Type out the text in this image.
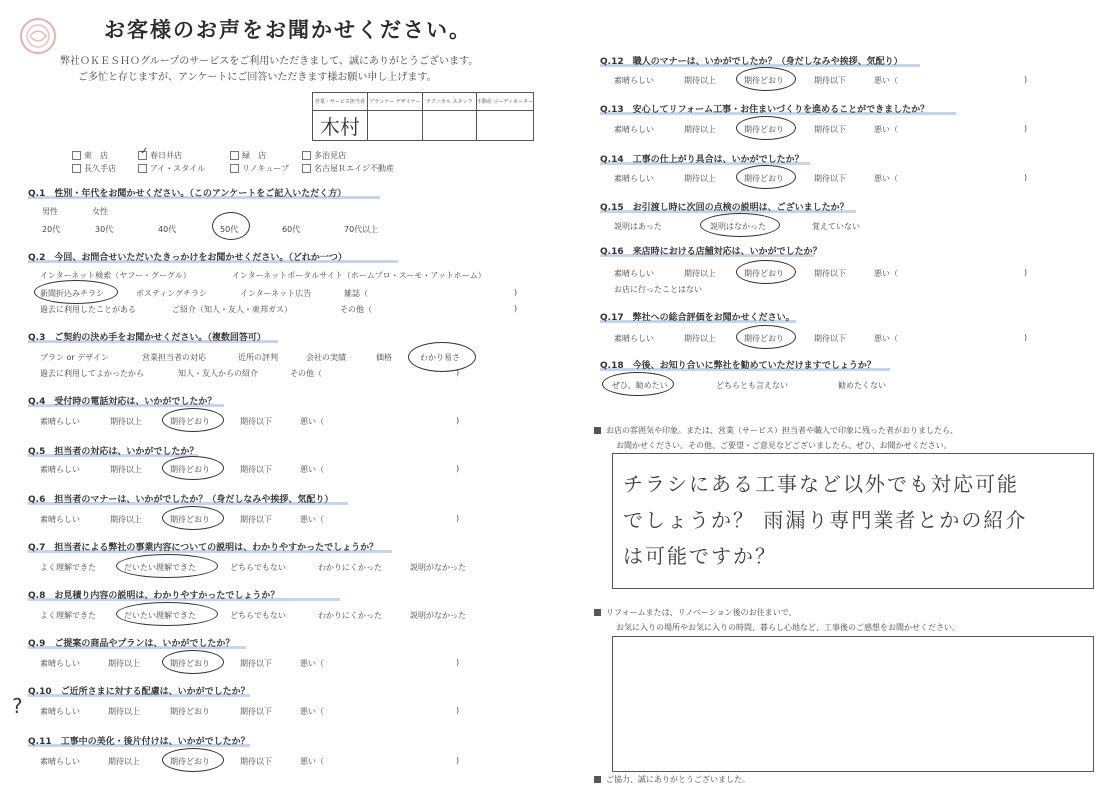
お客様のお声をお聞かせください。
弊社ＯＫＥＳＨＯグループのサービスをご利用いただきまして、誠にありがとうございます。
ご多忙と存じますが、アンケートにご回答いただきます様お願い申し上げます。
営業・サービス担当者	プランナー デザイナー	テクニカル スタッフ	不動産 コーディネーター
木村			
東　店	✓ 春日井店	緑　店	多治見店
長久手店	アイ・スタイル	リノキューブ	名古屋Ｒエイジ不動産
Q.1　性別・年代をお聞かせください。（このアンケートをご記入いただく方）
男性	女性
20代	30代	40代	50代	60代	70代以上
Q.2　今回、お問合せいただいたきっかけをお聞かせください。（どれか一つ）
インターネット検索（ヤフー・グーグル）	インターネットポータルサイト（ホームプロ・スーモ・アットホーム）
新聞折込みチラシ	ポスティングチラシ	インターネット広告	雑誌（	)
過去に利用したことがある	ご紹介（知人・友人・東邦ガス）	その他（	)
Q.3　ご契約の決め手をお聞かせください。（複数回答可）
プラン or デザイン	営業担当者の対応	近所の評判	会社の実績	価格	わかり易さ
過去に利用してよかったから	知人・友人からの紹介	その他（	)
Q.4　受付時の電話対応は、いかがでしたか？
素晴らしい	期待以上	期待どおり	期待以下	悪い（	)
Q.5　担当者の対応は、いかがでしたか？
素晴らしい	期待以上	期待どおり	期待以下	悪い（	)
Q.6　担当者のマナーは、いかがでしたか？（身だしなみや挨拶、気配り）
素晴らしい	期待以上	期待どおり	期待以下	悪い（	)
Q.7　担当者による弊社の事業内容についての説明は、わかりやすかったでしょうか？
よく理解できた	だいたい理解できた	どちらでもない	わかりにくかった	説明がなかった
Q.8　お見積り内容の説明は、わかりやすかったでしょうか？
よく理解できた	だいたい理解できた	どちらでもない	わかりにくかった	説明がなかった
Q.9　ご提案の商品やプランは、いかがでしたか？
素晴らしい	期待以上	期待どおり	期待以下	悪い（	)
Q.10　ご近所さまに対する配慮は、いかがでしたか？
? 素晴らしい	期待以上	期待どおり	期待以下	悪い（	)
Q.11　工事中の美化・後片付けは、いかがでしたか？
素晴らしい	期待以上	期待どおり	期待以下	悪い（	)
Q.12　職人のマナーは、いかがでしたか？（身だしなみや挨拶、気配り）
素晴らしい	期待以上	期待どおり	期待以下	悪い（	)
Q.13　安心してリフォーム工事・お住まいづくりを進めることができましたか？
素晴らしい	期待以上	期待どおり	期待以下	悪い（	)
Q.14　工事の仕上がり具合は、いかがでしたか？
素晴らしい	期待以上	期待どおり	期待以下	悪い（	)
Q.15　お引渡し時に次回の点検の説明は、ございましたか？
説明はあった	説明はなかった	覚えていない
Q.16　来店時における店舗対応は、いかがでしたか？
素晴らしい	期待以上	期待どおり	期待以下	悪い（	)
お店に行ったことはない
Q.17　弊社への総合評価をお聞かせください。
素晴らしい	期待以上	期待どおり	期待以下	悪い（	)
Q.18　今後、お知り合いに弊社を勧めていただけますでしょうか？
ぜひ、勧めたい	どちらとも言えない	勧めたくない
お店の雰囲気や印象。または、営業（サービス）担当者や職人で印象に残った者がおりましたら、
お聞かせください。その他、ご要望・ご意見などございましたら、ぜひ、お聞かせください。
チラシにある工事など以外でも対応可能
でしょうか？ 雨漏り専門業者とかの紹介
は可能ですか？
リフォームまたは、リノベーション後のお住まいで、
お気に入りの場所やお気に入りの時間、暮らし心地など、工事後のご感想をお聞かせください。
ご協力、誠にありがとうございました。
